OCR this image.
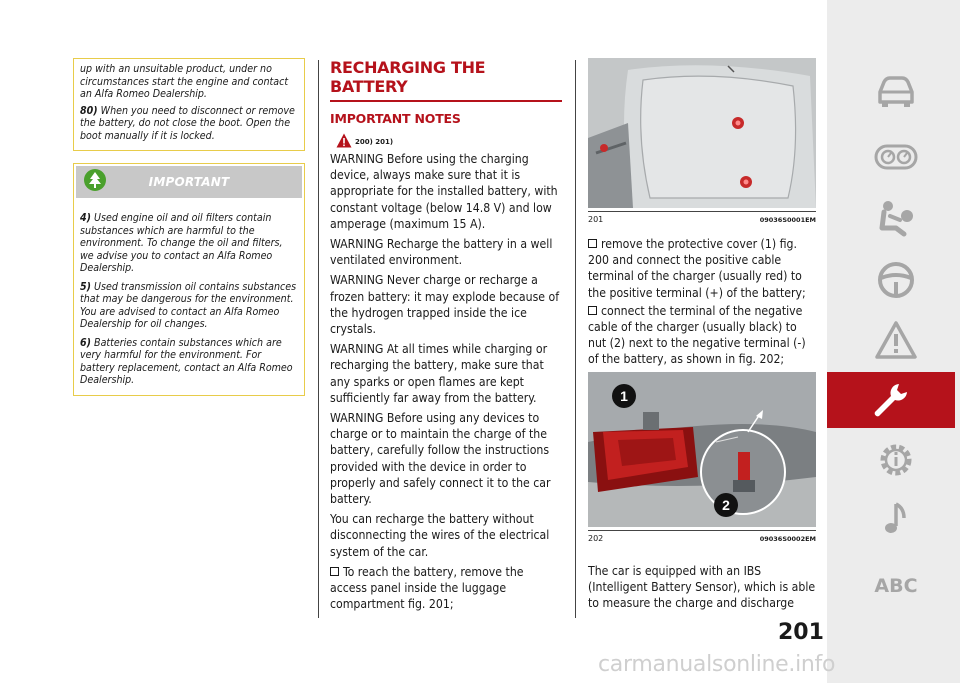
up with an unsuitable product, under no circumstances start the engine and contact an Alfa Romeo Dealership.

80) When you need to disconnect or remove the battery, do not close the boot. Open the boot manually if it is locked.

IMPORTANT

4) Used engine oil and oil filters contain substances which are harmful to the environment. To change the oil and filters, we advise you to contact an Alfa Romeo Dealership.

5) Used transmission oil contains substances that may be dangerous for the environment. You are advised to contact an Alfa Romeo Dealership for oil changes.

6) Batteries contain substances which are very harmful for the environment. For battery replacement, contact an Alfa Romeo Dealership.

RECHARGING THE BATTERY
IMPORTANT NOTES
200) 201)

WARNING Before using the charging device, always make sure that it is appropriate for the installed battery, with constant voltage (below 14.8 V) and low amperage (maximum 15 A).

WARNING Recharge the battery in a well ventilated environment.

WARNING Never charge or recharge a frozen battery: it may explode because of the hydrogen trapped inside the ice crystals.

WARNING At all times while charging or recharging the battery, make sure that any sparks or open flames are kept sufficiently far away from the battery.

WARNING Before using any devices to charge or to maintain the charge of the battery, carefully follow the instructions provided with the device in order to properly and safely connect it to the car battery.

You can recharge the battery without disconnecting the wires of the electrical system of the car.

To reach the battery, remove the access panel inside the luggage compartment fig. 201;

201	09036S0001EM

remove the protective cover (1) fig. 200 and connect the positive cable terminal of the charger (usually red) to the positive terminal (+) of the battery;

connect the terminal of the negative cable of the charger (usually black) to nut (2) next to the negative terminal (-) of the battery, as shown in fig. 202;

1
2
202	09036S0002EM

The car is equipped with an IBS (Intelligent Battery Sensor), which is able to measure the charge and discharge

ABC
201
carmanualsonline.info
